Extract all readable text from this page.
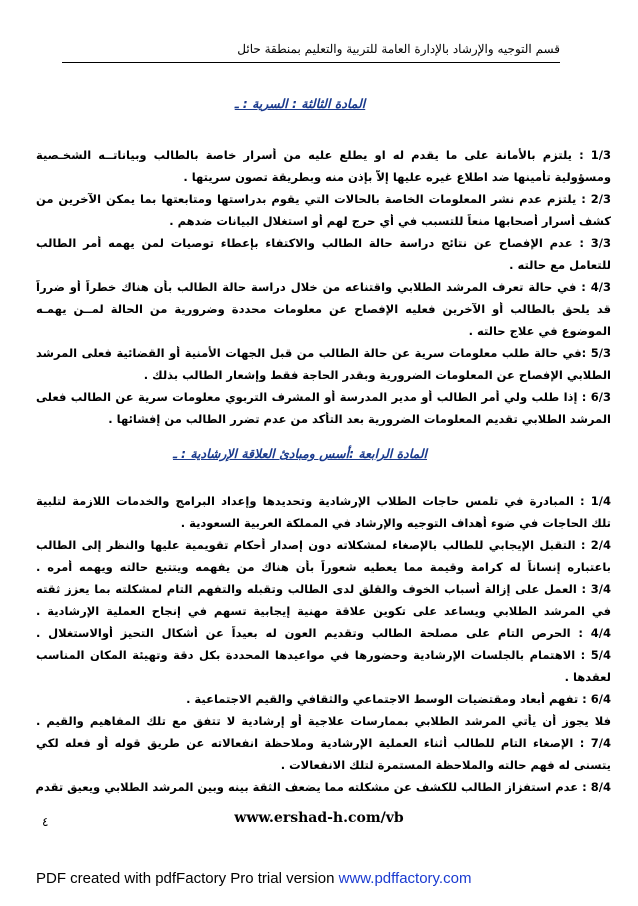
قسم التوجيه والإرشاد بالإدارة العامة للتربية والتعليم بمنطقة حائل
المادة الثالثة : السرية : ـ
1/3 : يلتزم بالأمانة على ما يقدم له او يطلع عليه من أسرار خاصة بالطالب وبياناتــه الشخـصية
ومسؤولية تأمينها ضد اطلاع غيره عليها إلاّ بإذن منه وبطريقة تصون سريتها .
2/3 : يلتزم عدم نشر المعلومات الخاصة بالحالات التي يقوم بدراستها ومتابعتها بما يمكن الآخرين من
كشف أسرار أصحابها منعاً للتسبب في أي حرج لهم أو استغلال البيانات ضدهم .
3/3 : عدم الإفصاح عن نتائج دراسة حالة الطالب والاكتفاء بإعطاء توصيات لمن يهمه أمر الطالب
للتعامل مع حالته .
4/3 : في حالة تعرف المرشد الطلابي واقتناعه من خلال دراسة حالة الطالب بأن هناك خطراً أو ضرراً
قد يلحق بالطالب أو الآخرين فعليه الإفصاح عن معلومات محددة وضرورية من الحالة لمــن يهمـه
الموضوع في علاج حالته .
5/3 :في حالة طلب معلومات سرية عن حالة الطالب من قبل الجهات الأمنية أو القضائية فعلى المرشد
الطلابي الإفصاح عن المعلومات الضرورية وبقدر الحاجة فقط وإشعار الطالب بذلك .
6/3 : إذا طلب ولي أمر الطالب أو مدير المدرسة أو المشرف التربوي معلومات سرية عن الطالب فعلى
المرشد الطلابي تقديم المعلومات الضرورية بعد التأكد من عدم تضرر الطالب من إفشائها .
المادة الرابعة :أسس ومبادئ العلاقة الإرشادية : ـ
1/4 : المبادرة في تلمس حاجات الطلاب الإرشادية وتحديدها وإعداد البرامج والخدمات اللازمة لتلبية
تلك الحاجات في ضوء أهداف التوجيه والإرشاد في المملكة العربية السعودية .
2/4 : التقبل الإيجابي للطالب بالإصغاء لمشكلاته دون إصدار أحكام تقويمية عليها والنظر إلى الطالب
باعتباره إنساناً له كرامة وقيمة مما يعطيه شعوراً بأن هناك من يفهمه ويتتبع حالته ويهمه أمره .
3/4 : العمل على إزالة أسباب الخوف والقلق لدى الطالب وتقبله والتفهم التام لمشكلته بما يعزز ثقته
في المرشد الطلابي ويساعد على تكوين علاقة مهنية إيجابية تسهم في إنجاح العملية الإرشادية .
4/4 : الحرص التام على مصلحة الطالب وتقديم العون له بعيداً عن أشكال التحيز أوالاستغلال .
5/4 : الاهتمام بالجلسات الإرشادية وحضورها في مواعيدها المحددة بكل دقة وتهيئة المكان المناسب
لعقدها .
6/4 : تفهم أبعاد ومقتضيات الوسط الاجتماعي والثقافي والقيم الاجتماعية .
فلا يجوز أن يأتي المرشد الطلابي بممارسات علاجية أو إرشادية لا تتفق مع تلك المفاهيم والقيم .
7/4 : الإصغاء التام للطالب أثناء العملية الإرشادية وملاحظة انفعالاته عن طريق قوله أو فعله لكي
يتسنى له فهم حالته والملاحظة المستمرة لتلك الانفعالات .
8/4 : عدم استفزاز الطالب للكشف عن مشكلته مما يضعف الثقة بينه وبين المرشد الطلابي ويعيق تقدم
٤	www.ershad-h.com/vb
PDF created with pdfFactory Pro trial version www.pdffactory.com
